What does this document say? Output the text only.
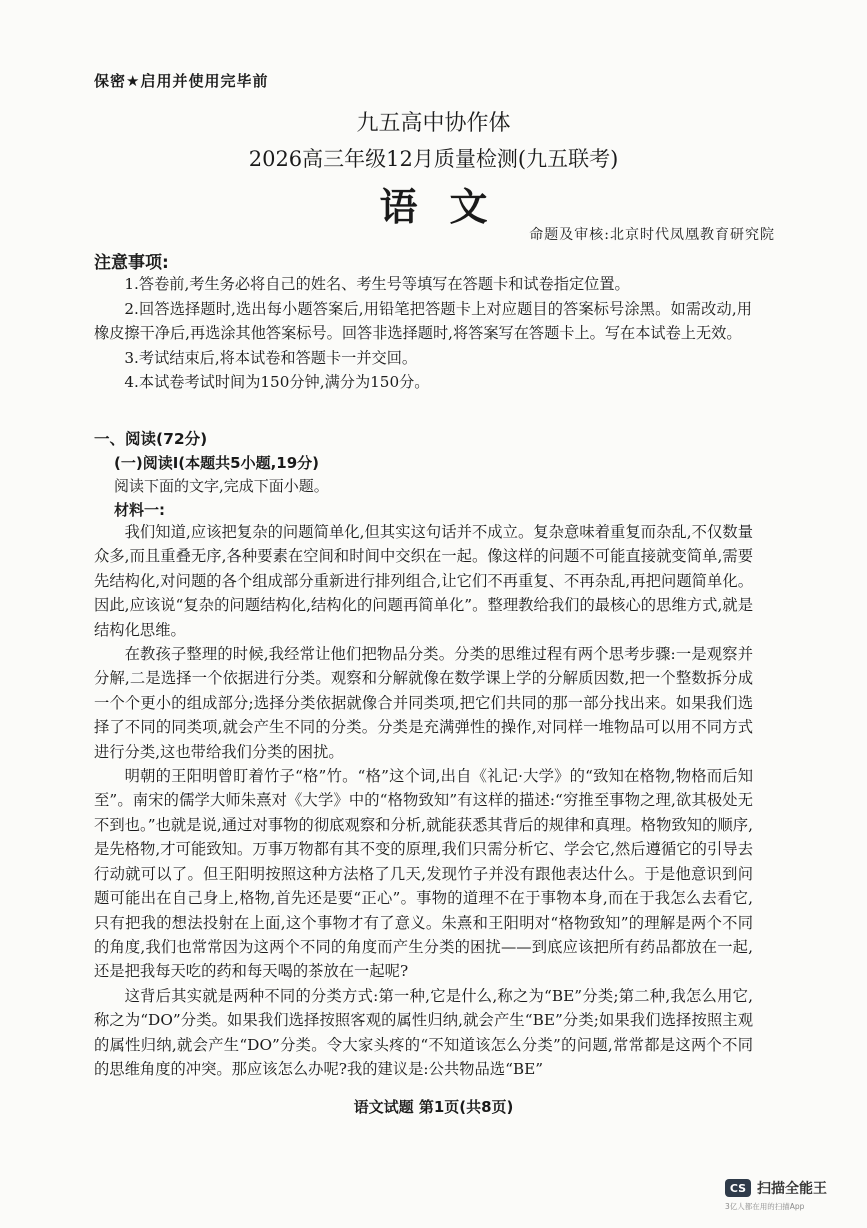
保密★启用并使用完毕前
九五高中协作体
2026高三年级12月质量检测(九五联考)
语文
命题及审核:北京时代凤凰教育研究院
注意事项:

1.答卷前,考生务必将自己的姓名、考生号等填写在答题卡和试卷指定位置。

2.回答选择题时,选出每小题答案后,用铅笔把答题卡上对应题目的答案标号涂黑。如需改动,用橡皮擦干净后,再选涂其他答案标号。回答非选择题时,将答案写在答题卡上。写在本试卷上无效。

3.考试结束后,将本试卷和答题卡一并交回。

4.本试卷考试时间为150分钟,满分为150分。

一、阅读(72分)
(一)阅读Ⅰ(本题共5小题,19分)
阅读下面的文字,完成下面小题。
材料一:

我们知道,应该把复杂的问题简单化,但其实这句话并不成立。复杂意味着重复而杂乱,不仅数量众多,而且重叠无序,各种要素在空间和时间中交织在一起。像这样的问题不可能直接就变简单,需要先结构化,对问题的各个组成部分重新进行排列组合,让它们不再重复、不再杂乱,再把问题简单化。因此,应该说“复杂的问题结构化,结构化的问题再简单化”。整理教给我们的最核心的思维方式,就是结构化思维。

在教孩子整理的时候,我经常让他们把物品分类。分类的思维过程有两个思考步骤:一是观察并分解,二是选择一个依据进行分类。观察和分解就像在数学课上学的分解质因数,把一个整数拆分成一个个更小的组成部分;选择分类依据就像合并同类项,把它们共同的那一部分找出来。如果我们选择了不同的同类项,就会产生不同的分类。分类是充满弹性的操作,对同样一堆物品可以用不同方式进行分类,这也带给我们分类的困扰。

明朝的王阳明曾盯着竹子“格”竹。“格”这个词,出自《礼记·大学》的“致知在格物,物格而后知至”。南宋的儒学大师朱熹对《大学》中的“格物致知”有这样的描述:“穷推至事物之理,欲其极处无不到也。”也就是说,通过对事物的彻底观察和分析,就能获悉其背后的规律和真理。格物致知的顺序,是先格物,才可能致知。万事万物都有其不变的原理,我们只需分析它、学会它,然后遵循它的引导去行动就可以了。但王阳明按照这种方法格了几天,发现竹子并没有跟他表达什么。于是他意识到问题可能出在自己身上,格物,首先还是要“正心”。事物的道理不在于事物本身,而在于我怎么去看它,只有把我的想法投射在上面,这个事物才有了意义。朱熹和王阳明对“格物致知”的理解是两个不同的角度,我们也常常因为这两个不同的角度而产生分类的困扰——到底应该把所有药品都放在一起,还是把我每天吃的药和每天喝的茶放在一起呢?

这背后其实就是两种不同的分类方式:第一种,它是什么,称之为“BE”分类;第二种,我怎么用它,称之为“DO”分类。如果我们选择按照客观的属性归纳,就会产生“BE”分类;如果我们选择按照主观的属性归纳,就会产生“DO”分类。令大家头疼的“不知道该怎么分类”的问题,常常都是这两个不同的思维角度的冲突。那应该怎么办呢?我的建议是:公共物品选“BE”

语文试题 第1页(共8页)
CS 扫描全能王
3亿人都在用的扫描App
